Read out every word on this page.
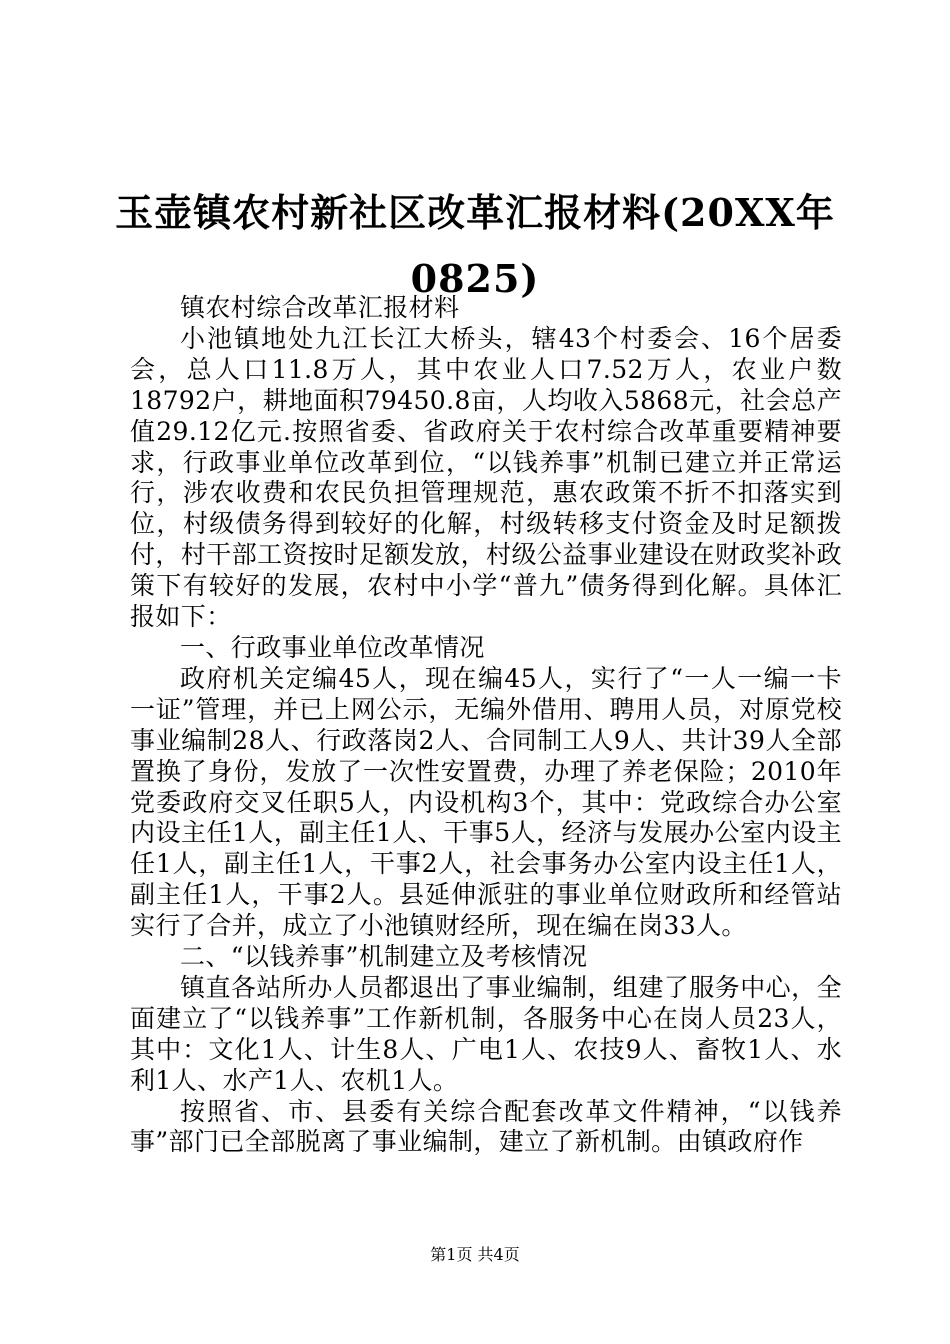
玉壶镇农村新社区改革汇报材料(20XX年
0825)

镇农村综合改革汇报材料

小池镇地处九江长江大桥头，辖43个村委会、16个居委会，总人口11.8万人，其中农业人口7.52万人，农业户数18792户，耕地面积79450.8亩，人均收入5868元，社会总产值29.12亿元.按照省委、省政府关于农村综合改革重要精神要求，行政事业单位改革到位，“以钱养事”机制已建立并正常运行，涉农收费和农民负担管理规范，惠农政策不折不扣落实到位，村级债务得到较好的化解，村级转移支付资金及时足额拨付，村干部工资按时足额发放，村级公益事业建设在财政奖补政策下有较好的发展，农村中小学“普九”债务得到化解。具体汇报如下：

一、行政事业单位改革情况

政府机关定编45人，现在编45人，实行了“一人一编一卡一证”管理，并已上网公示，无编外借用、聘用人员，对原党校事业编制28人、行政落岗2人、合同制工人9人、共计39人全部置换了身份，发放了一次性安置费，办理了养老保险；2010年党委政府交叉任职5人，内设机构3个，其中：党政综合办公室内设主任1人，副主任1人、干事5人，经济与发展办公室内设主任1人，副主任1人，干事2人，社会事务办公室内设主任1人，副主任1人，干事2人。县延伸派驻的事业单位财政所和经管站实行了合并，成立了小池镇财经所，现在编在岗33人。

二、“以钱养事”机制建立及考核情况

镇直各站所办人员都退出了事业编制，组建了服务中心，全面建立了“以钱养事”工作新机制，各服务中心在岗人员23人，其中：文化1人、计生8人、广电1人、农技9人、畜牧1人、水利1人、水产1人、农机1人。

按照省、市、县委有关综合配套改革文件精神，“以钱养事”部门已全部脱离了事业编制，建立了新机制。由镇政府作

第1页 共4页
